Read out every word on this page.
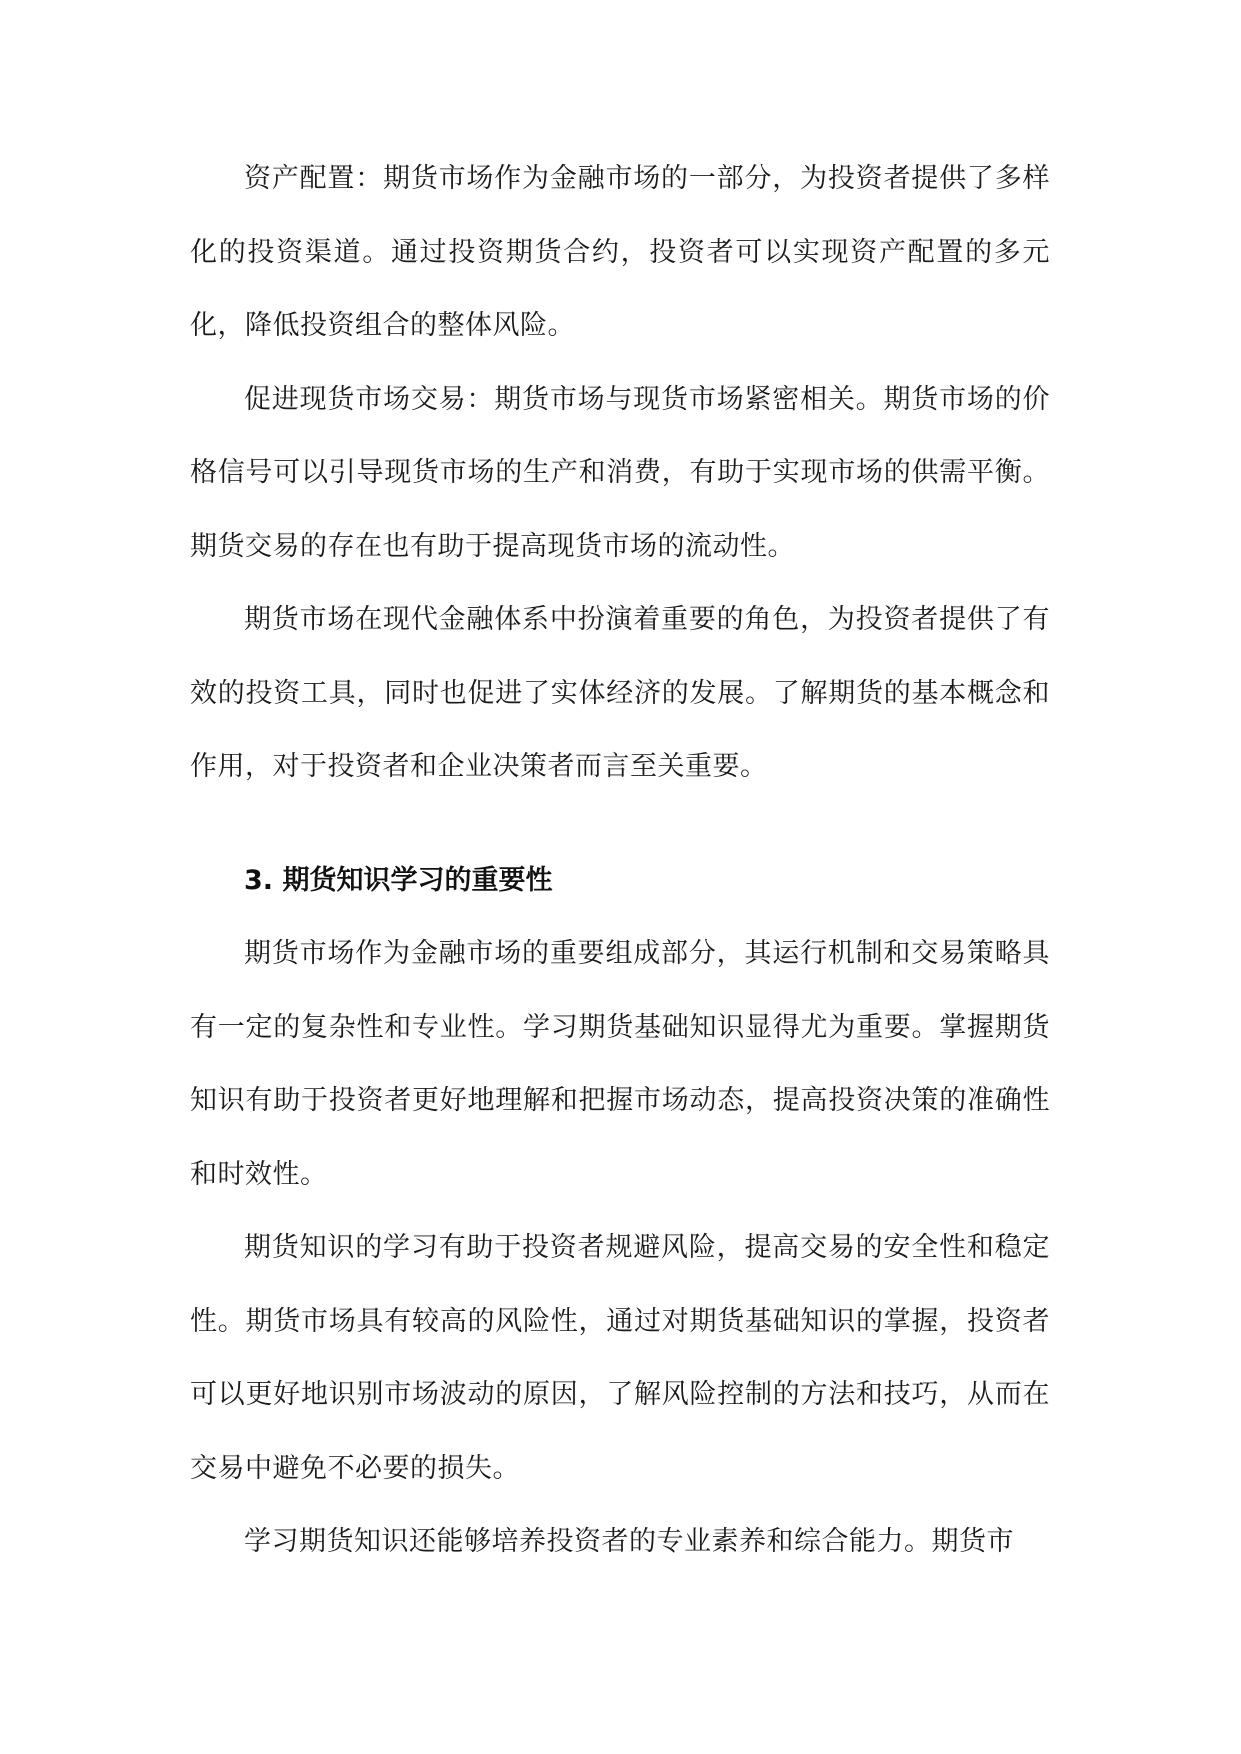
资产配置：期货市场作为金融市场的一部分，为投资者提供了多样化的投资渠道。通过投资期货合约，投资者可以实现资产配置的多元化，降低投资组合的整体风险。

促进现货市场交易：期货市场与现货市场紧密相关。期货市场的价格信号可以引导现货市场的生产和消费，有助于实现市场的供需平衡。期货交易的存在也有助于提高现货市场的流动性。

期货市场在现代金融体系中扮演着重要的角色，为投资者提供了有效的投资工具，同时也促进了实体经济的发展。了解期货的基本概念和作用，对于投资者和企业决策者而言至关重要。

3. 期货知识学习的重要性

期货市场作为金融市场的重要组成部分，其运行机制和交易策略具有一定的复杂性和专业性。学习期货基础知识显得尤为重要。掌握期货知识有助于投资者更好地理解和把握市场动态，提高投资决策的准确性和时效性。

期货知识的学习有助于投资者规避风险，提高交易的安全性和稳定性。期货市场具有较高的风险性，通过对期货基础知识的掌握，投资者可以更好地识别市场波动的原因，了解风险控制的方法和技巧，从而在交易中避免不必要的损失。

学习期货知识还能够培养投资者的专业素养和综合能力。期货市
